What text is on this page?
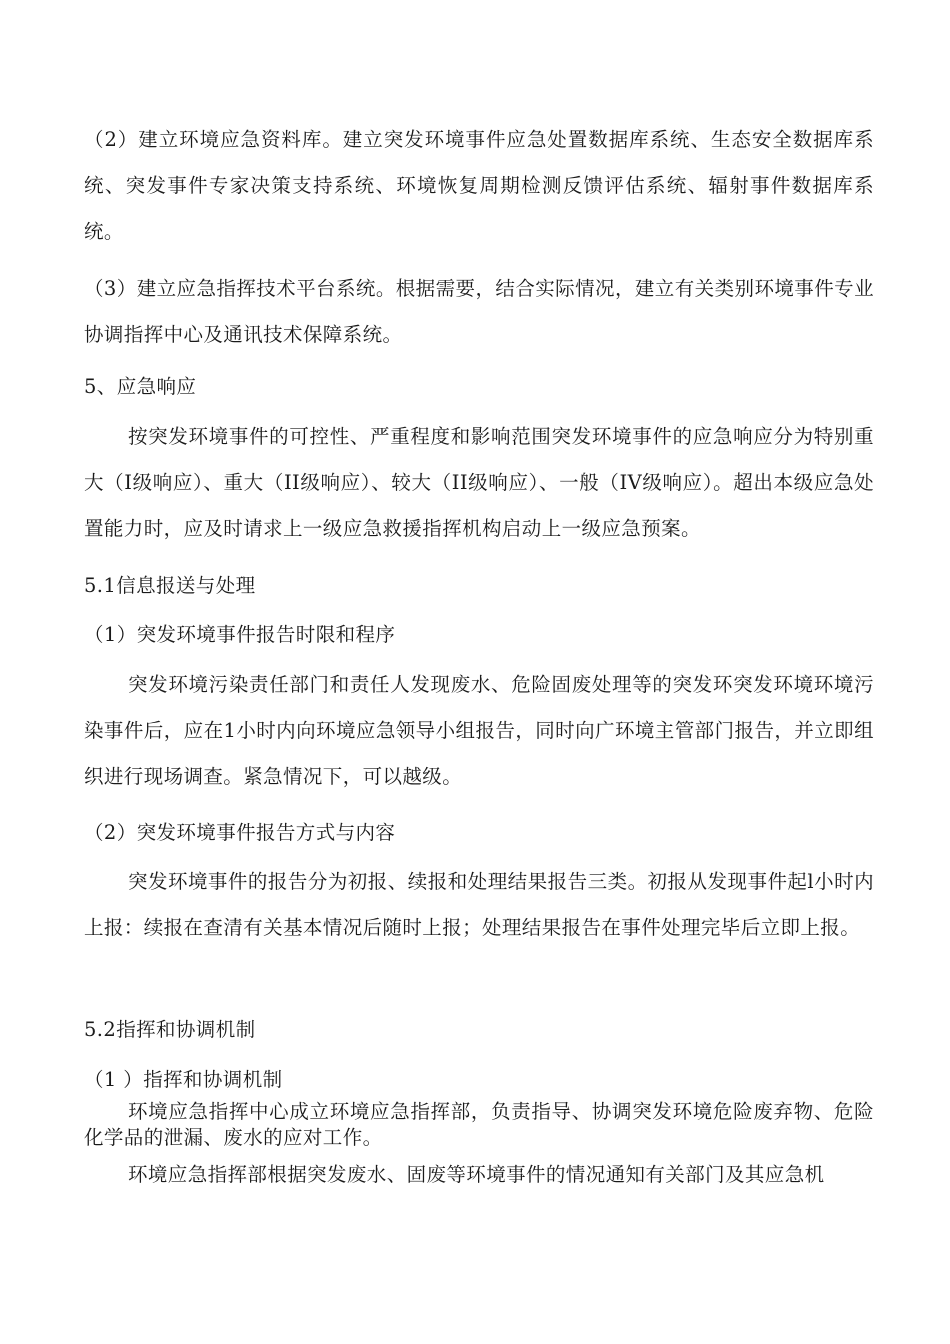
（2）建立环境应急资料库。建立突发环境事件应急处置数据库系统、生态安全数据库系统、突发事件专家决策支持系统、环境恢复周期检测反馈评估系统、辐射事件数据库系统。

（3）建立应急指挥技术平台系统。根据需要，结合实际情况，建立有关类别环境事件专业协调指挥中心及通讯技术保障系统。

5、应急响应

按突发环境事件的可控性、严重程度和影响范围突发环境事件的应急响应分为特别重大（I级响应）、重大（II级响应）、较大（II级响应）、一般（IV级响应）。超出本级应急处置能力时，应及时请求上一级应急救援指挥机构启动上一级应急预案。

5.1信息报送与处理

（1）突发环境事件报告时限和程序

突发环境污染责任部门和责任人发现废水、危险固废处理等的突发环突发环境环境污染事件后，应在1小时内向环境应急领导小组报告，同时向广环境主管部门报告，并立即组织进行现场调查。紧急情况下，可以越级。

（2）突发环境事件报告方式与内容

突发环境事件的报告分为初报、续报和处理结果报告三类。初报从发现事件起l小时内上报：续报在查清有关基本情况后随时上报；处理结果报告在事件处理完毕后立即上报。

5.2指挥和协调机制

（1 ）指挥和协调机制

环境应急指挥中心成立环境应急指挥部，负责指导、协调突发环境危险废弃物、危险化学品的泄漏、废水的应对工作。

环境应急指挥部根据突发废水、固废等环境事件的情况通知有关部门及其应急机
